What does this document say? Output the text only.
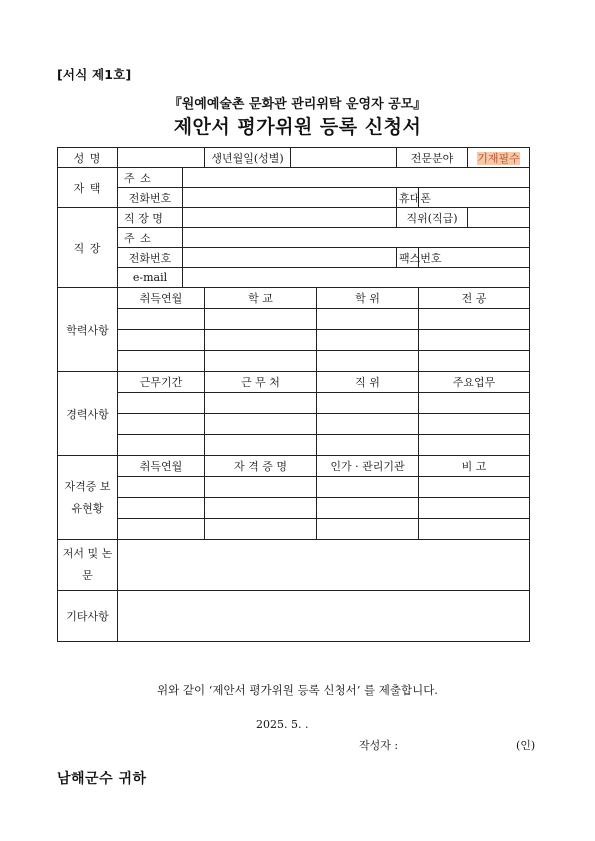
[서식 제1호]
『원예예술촌 문화관 관리위탁 운영자 공모』
제안서 평가위원 등록 신청서
성 명			생년월일(성별)			전문분야		기재필수
자 택	주 소							
	전화번호					휴대폰		
직 장	직 장 명					직위(직급)		
	주 소							
	전화번호					팩스번호		
	e-mail							
학력사항	취득연월		학 교		학 위		전 공	

경력사항	근무기간		근 무 처		직 위		주요업무	

자격증 보유현황	취득연월		자 격 증 명		인가 · 관리기관		비 고	

저서 및 논문								
기타사항								
위와 같이 ‘제안서 평가위원 등록 신청서’ 를 제출합니다.
2025. 5. .
작성자 :	(인)
남해군수 귀하
